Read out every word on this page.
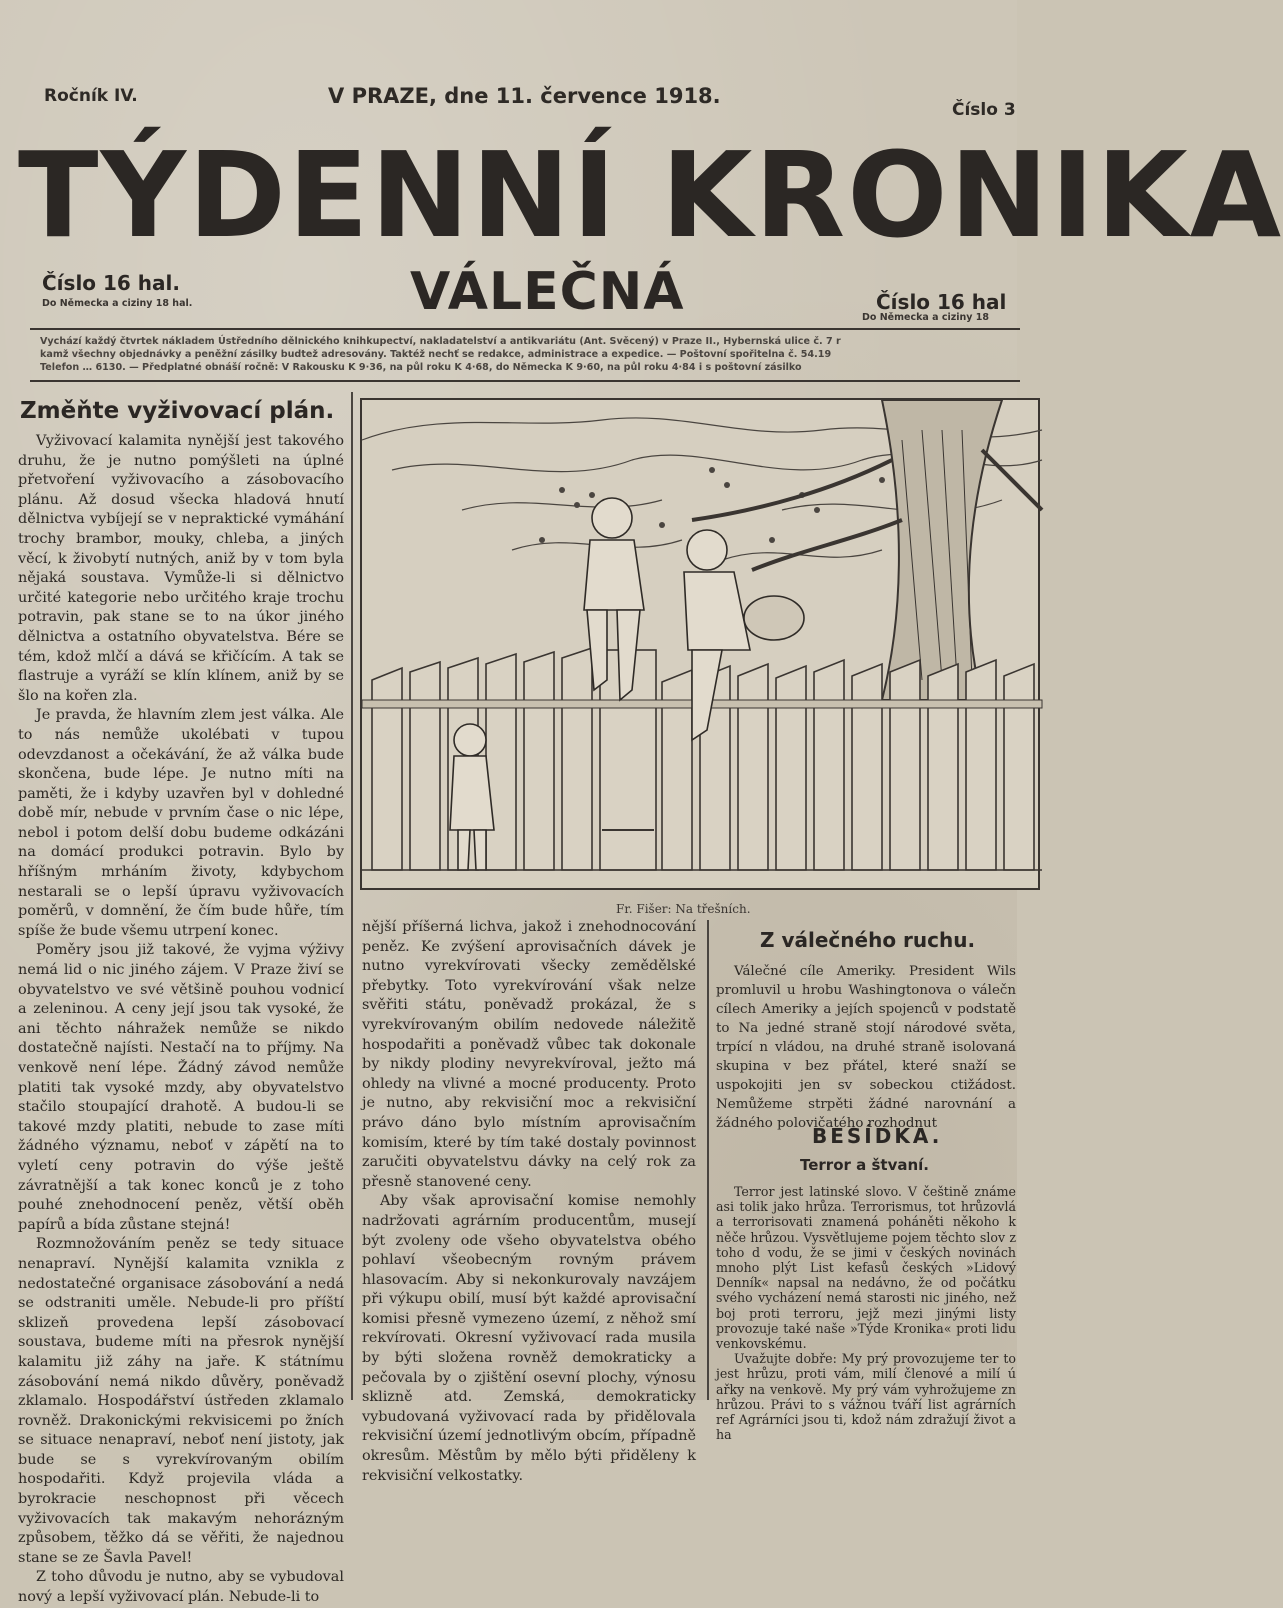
Ročník IV.	V PRAZE, dne 11. července 1918.
Číslo 3
TÝDENNÍ KRONIKA
VÁLEČNÁ
Číslo 16 hal.
Do Německa a ciziny 18 hal.	Číslo 16 hal
Do Německa a ciziny 18
Vychází každý čtvrtek nákladem Ústředního dělnického knihkupectví, nakladatelství a antikvariátu (Ant. Svěcený) v Praze II., Hybernská ulice č. 7 r
kamž všechny objednávky a peněžní zásilky budtež adresovány. Taktéž nechť se redakce, administrace a expedice. — Poštovní spořitelna č. 54.19
Telefon … 6130. — Předplatné obnáší ročně: V Rakousku K 9·36, na půl roku K 4·68, do Německa K 9·60, na půl roku 4·84 i s poštovní zásilko
Změňte vyživovací plán.

Vyživovací kalamita nynější jest takového druhu, že je nutno pomýšleti na úplné přetvoření vyživovacího a zásobovacího plánu. Až dosud všecka hladová hnutí dělnictva vybíjejí se v nepraktické vymáhání trochy brambor, mouky, chleba, a jiných věcí, k živobytí nutných, aniž by v tom byla nějaká soustava. Vymůže-li si dělnictvo určité kategorie nebo určitého kraje trochu potravin, pak stane se to na úkor jiného dělnictva a ostatního obyvatelstva. Bére se tém, kdož mlčí a dává se křičícím. A tak se flastruje a vyráží se klín klínem, aniž by se šlo na kořen zla.

Je pravda, že hlavním zlem jest válka. Ale to nás nemůže ukolébati v tupou odevzdanost a očekávání, že až válka bude skončena, bude lépe. Je nutno míti na paměti, že i kdyby uzavřen byl v dohledné době mír, nebude v prvním čase o nic lépe, nebol i potom delší dobu budeme odkázáni na domácí produkci potravin. Bylo by hříšným mrháním životy, kdybychom nestarali se o lepší úpravu vyživovacích poměrů, v domnění, že čím bude hůře, tím spíše že bude všemu utrpení konec.

Poměry jsou již takové, že vyjma výživy nemá lid o nic jiného zájem. V Praze živí se obyvatelstvo ve své většině pouhou vodnicí a zeleninou. A ceny její jsou tak vysoké, že ani těchto náhražek nemůže se nikdo dostatečně najísti. Nestačí na to příjmy. Na venkově není lépe. Žádný závod nemůže platiti tak vysoké mzdy, aby obyvatelstvo stačilo stoupající drahotě. A budou-li se takové mzdy platiti, nebude to zase míti žádného významu, neboť v zápětí na to vyletí ceny potravin do výše ještě závratnější a tak konec konců je z toho pouhé znehodnocení peněz, větší oběh papírů a bída zůstane stejná!

Rozmnožováním peněz se tedy situace nenapraví. Nynější kalamita vznikla z nedostatečné organisace zásobování a nedá se odstraniti uměle. Nebude-li pro příští sklizeň provedena lepší zásobovací soustava, budeme míti na přesrok nynější kalamitu již záhy na jaře. K státnímu zásobování nemá nikdo důvěry, poněvadž zklamalo. Hospodářství ústředen zklamalo rovněž. Drakonickými rekvisicemi po žních se situace nenapraví, neboť není jistoty, jak bude se s vyrekvírovaným obilím hospodařiti. Když projevila vláda a byrokracie neschopnost při věcech vyživovacích tak makavým nehorázným způsobem, těžko dá se věřiti, že najednou stane se ze Šavla Pavel!

Z toho důvodu je nutno, aby se vybudoval nový a lepší vyživovací plán. Nebude-li to

Fr. Fišer: Na třešních.

nější příšerná lichva, jakož i znehodnocování peněz. Ke zvýšení aprovisačních dávek je nutno vyrekvírovati všecky zemědělské přebytky. Toto vyrekvírování však nelze svěřiti státu, poněvadž prokázal, že s vyrekvírovaným obilím nedovede náležitě hospodařiti a poněvadž vůbec tak dokonale by nikdy plodiny nevyrekvíroval, ježto má ohledy na vlivné a mocné producenty. Proto je nutno, aby rekvisiční moc a rekvisiční právo dáno bylo místním aprovisačním komisím, které by tím také dostaly povinnost zaručiti obyvatelstvu dávky na celý rok za přesně stanovené ceny.

Aby však aprovisační komise nemohly nadržovati agrárním producentům, musejí být zvoleny ode všeho obyvatelstva obého pohlaví všeobecným rovným právem hlasovacím. Aby si nekonkurovaly navzájem při výkupu obilí, musí být každé aprovisační komisi přesně vymezeno území, z něhož smí rekvírovati. Okresní vyživovací rada musila by býti složena rovněž demokraticky a pečovala by o zjištění osevní plochy, výnosu sklizně atd. Zemská, demokraticky vybudovaná vyživovací rada by přidělovala rekvisiční území jednotlivým obcím, případně okresům. Městům by mělo býti přiděleny k rekvisiční velkostatky.

Z válečného ruchu.

Válečné cíle Ameriky. President Wils promluvil u hrobu Washingtonova o válečn cílech Ameriky a jejích spojenců v podstatě to Na jedné straně stojí národové světa, trpící n vládou, na druhé straně isolovaná skupina v bez přátel, které snaží se uspokojiti jen sv sobeckou ctižádost. Nemůžeme strpěti žádné narovnání a žádného polovičatého rozhodnut

BESÍDKA.
Terror a štvaní.

Terror jest latinské slovo. V češtině známe asi tolik jako hrůza. Terrorismus, tot hrůzovlá a terrorisovati znamená poháněti někoho k něče hrůzou. Vysvětlujeme pojem těchto slov z toho d vodu, že se jimi v českých novinách mnoho plýt List kefasů českých »Lidový Denník« napsal na nedávno, že od počátku svého vycházení nemá starosti nic jiného, než boj proti terroru, jejž mezi jinými listy provozuje také naše »Týde Kronika« proti lidu venkovskému.

Uvažujte dobře: My prý provozujeme ter to jest hrůzu, proti vám, milí členové a milí ú ařky na venkově. My prý vám vyhrožujeme zn hrůzou. Právi to s vážnou tváří list agrárních ref Agrárníci jsou ti, kdož nám zdražují život a ha
